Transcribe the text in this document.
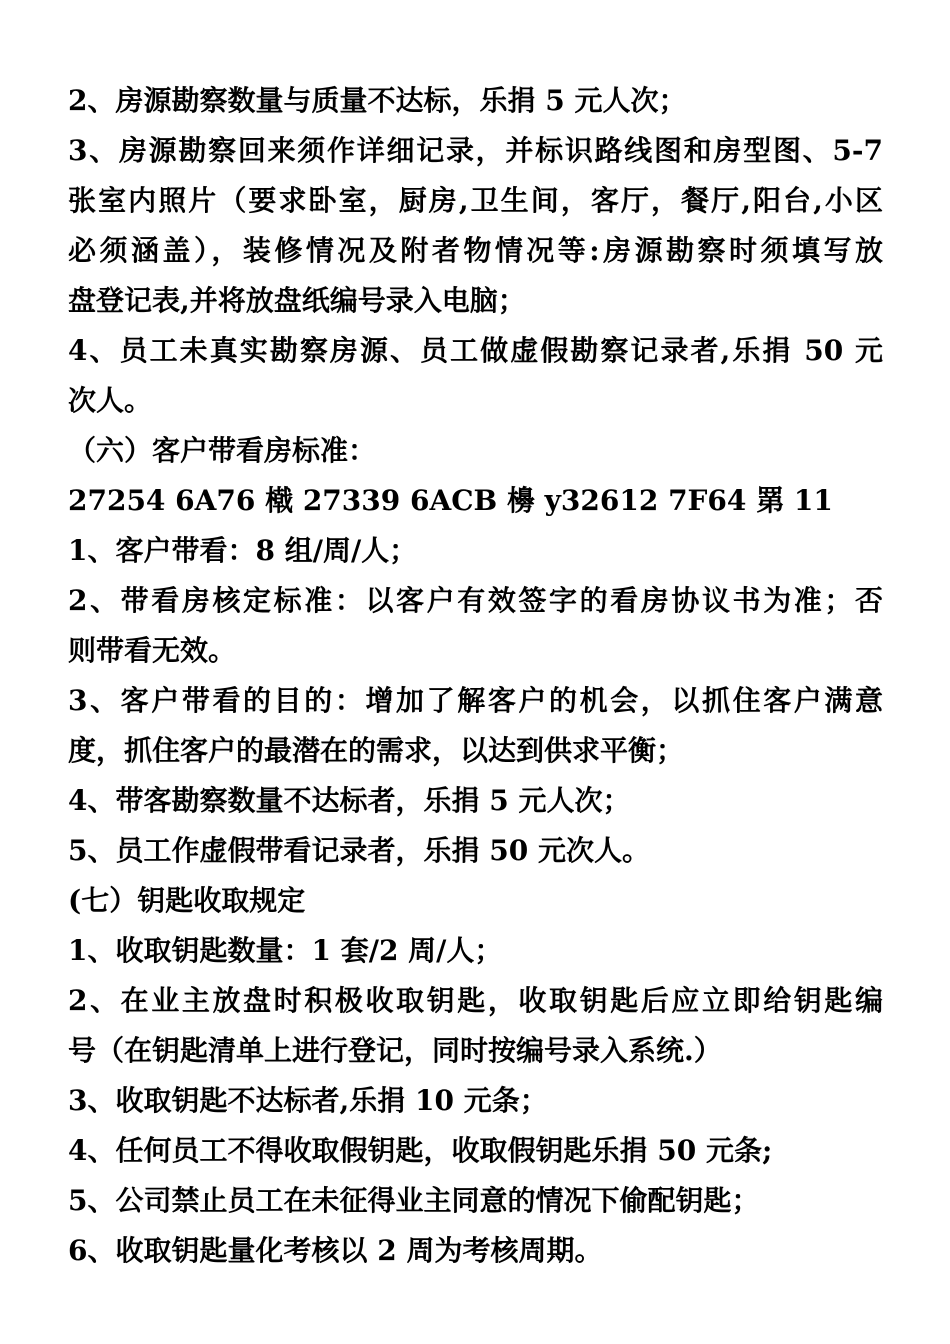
2、房源勘察数量与质量不达标，乐捐 5 元人次；
3、房源勘察回来须作详细记录，并标识路线图和房型图、5-7
张室内照片（要求卧室，厨房,卫生间，客厅，餐厅,阳台,小区
必须涵盖），装修情况及附者物情况等:房源勘察时须填写放
盘登记表,并将放盘纸编号录入电脑；
4、员工未真实勘察房源、员工做虚假勘察记录者,乐捐 50 元
次人。
（六）客户带看房标准：
27254 6A76 橶 27339 6ACB 櫋 y32612 7F64 罤 11
1、客户带看：8 组/周/人；
2、带看房核定标准：以客户有效签字的看房协议书为准；否
则带看无效。
3、客户带看的目的：增加了解客户的机会，以抓住客户满意
度，抓住客户的最潜在的需求，以达到供求平衡；
4、带客勘察数量不达标者，乐捐 5 元人次；
5、员工作虚假带看记录者，乐捐 50 元次人。
(七）钥匙收取规定
1、收取钥匙数量：1 套/2 周/人；
2、在业主放盘时积极收取钥匙，收取钥匙后应立即给钥匙编
号（在钥匙清单上进行登记，同时按编号录入系统.）
3、收取钥匙不达标者,乐捐 10 元条；
4、任何员工不得收取假钥匙，收取假钥匙乐捐 50 元条;
5、公司禁止员工在未征得业主同意的情况下偷配钥匙；
6、收取钥匙量化考核以 2 周为考核周期。
